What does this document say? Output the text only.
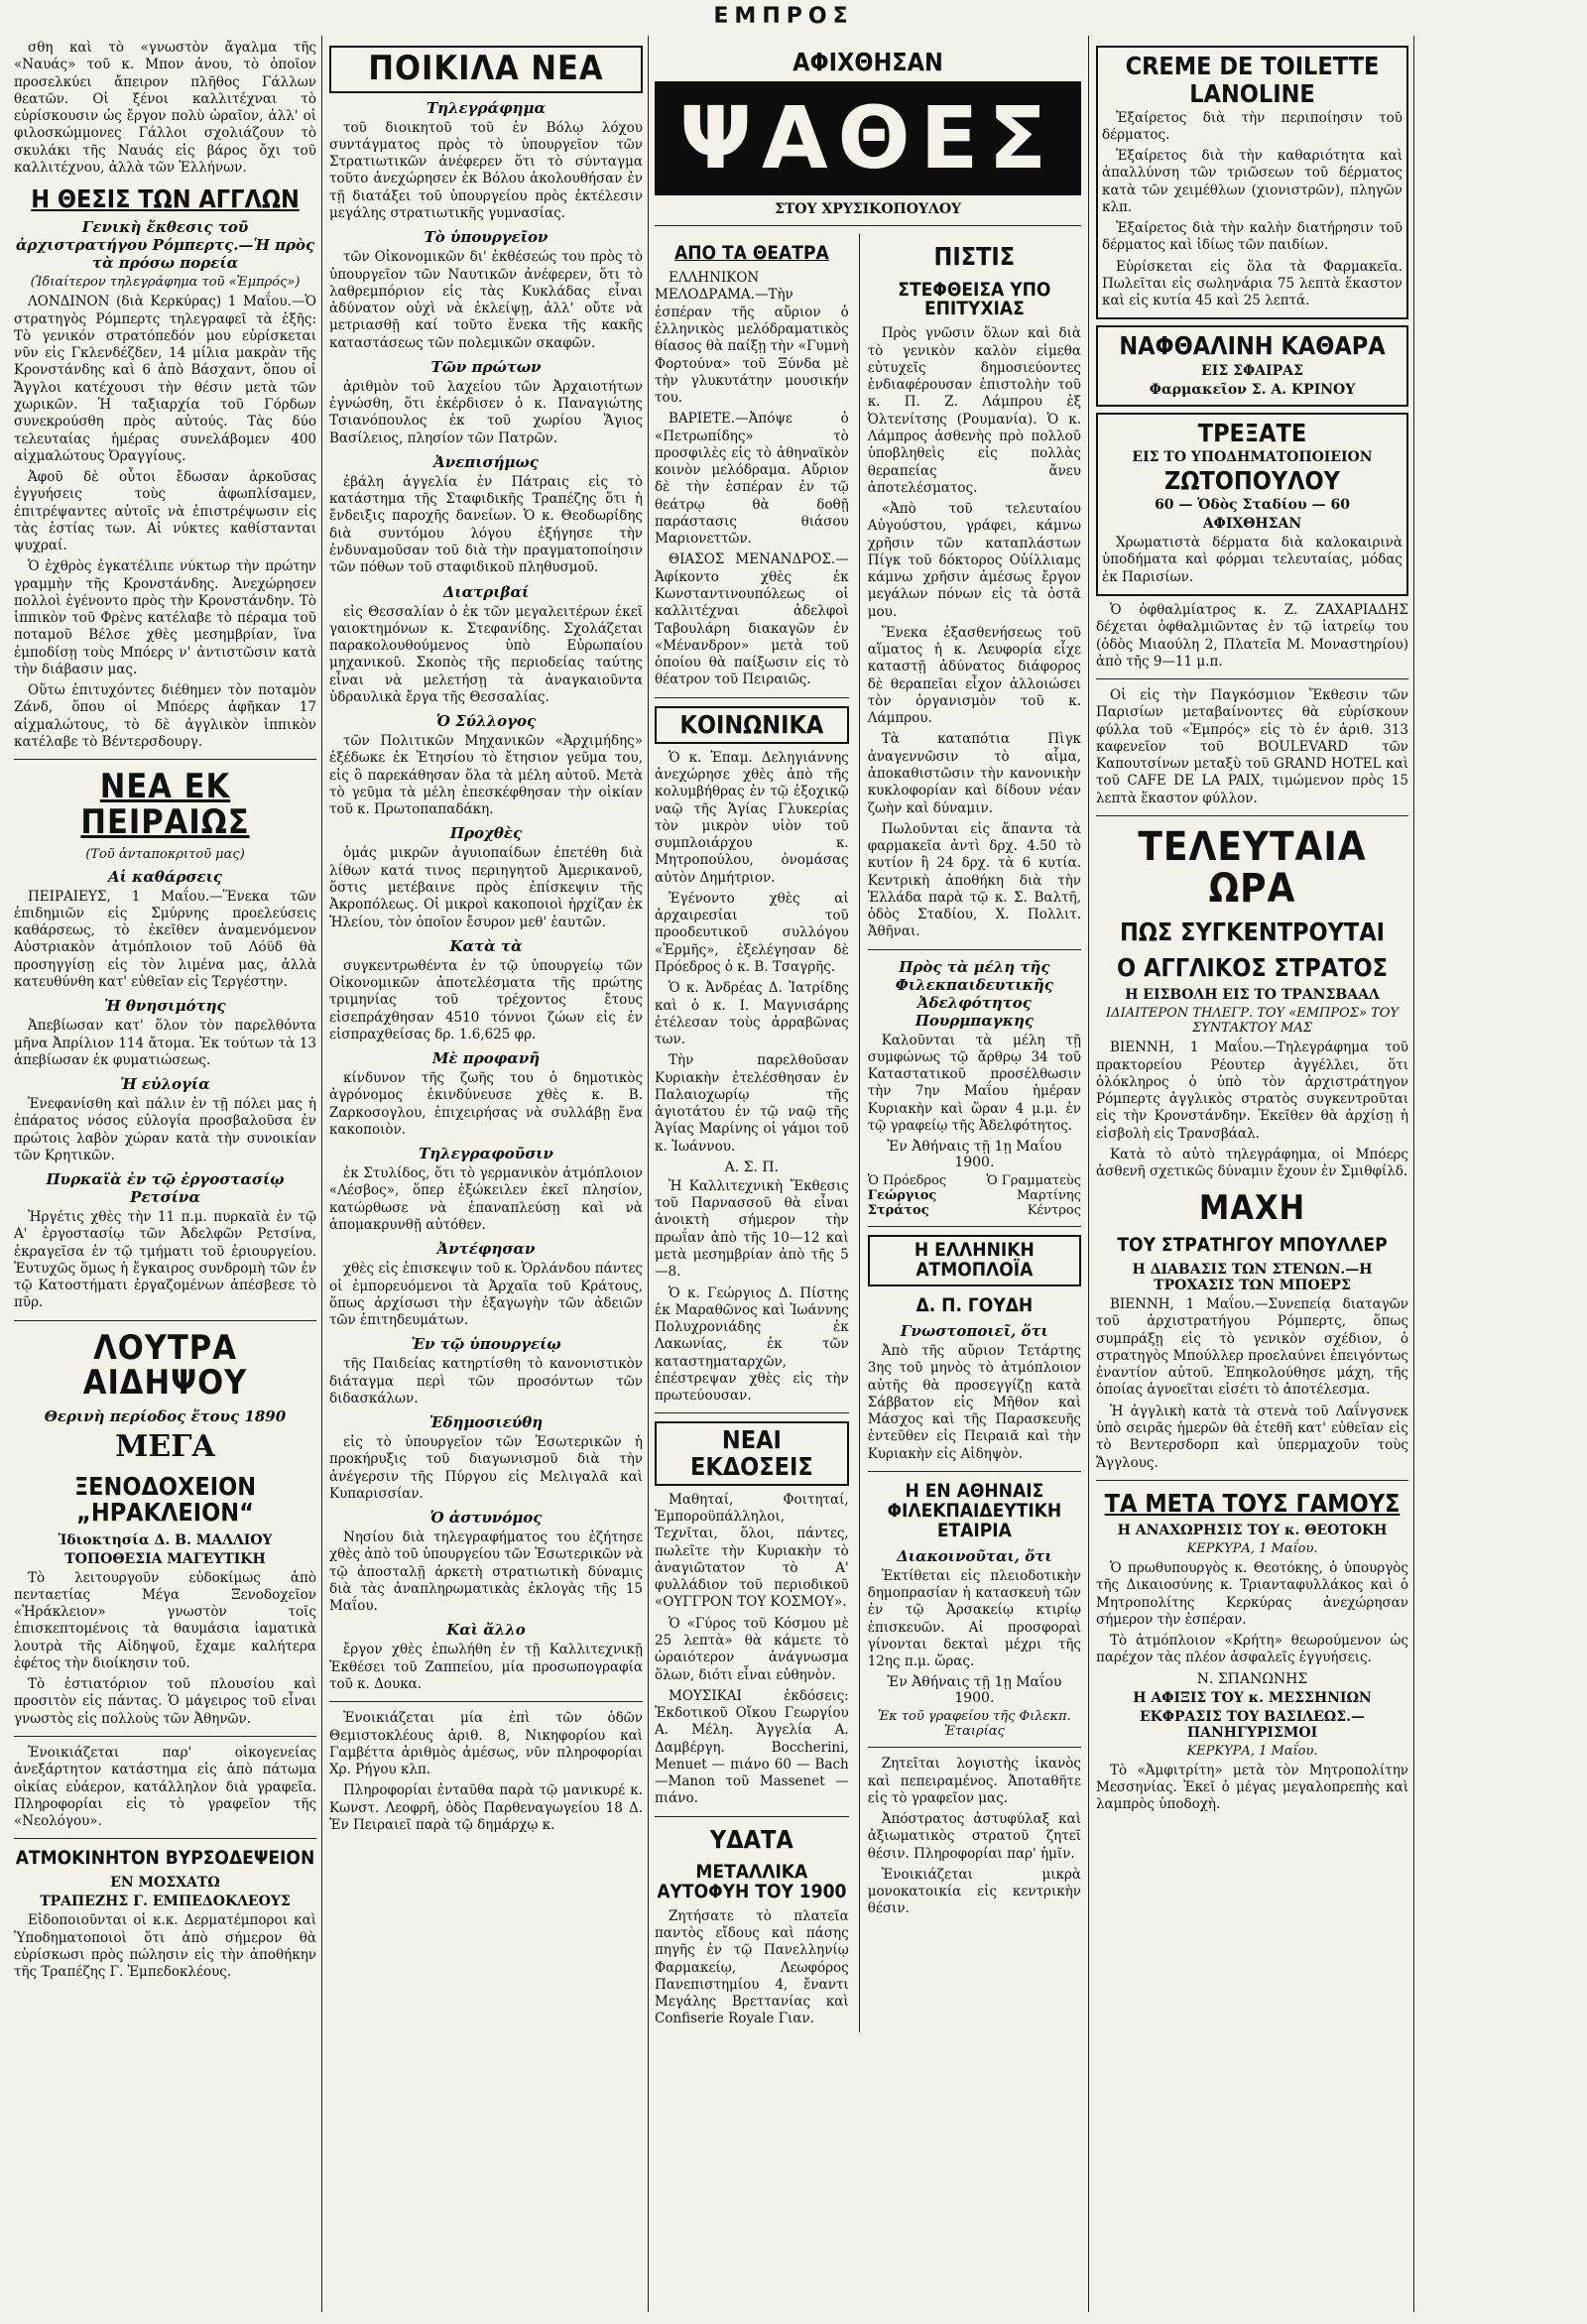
ΕΜΠΡΟΣ

σθη καὶ τὸ «γνωστὸν ἄγαλμα τῆς «Ναυάς» τοῦ κ. Μπον ἀνου, τὸ ὁποῖον προσελκύει ἄπειρον πλῆθος Γάλλων θεατῶν. Οἱ ξένοι καλλιτέχναι τὸ εὑρίσκουσιν ὡς ἔργον πολὺ ὡραῖον, ἀλλ' οἱ φιλοσκώμμονες Γάλλοι σχολιάζουν τὸ σκυλάκι τῆς Ναυάς εἰς βάρος ὄχι τοῦ καλλιτέχνου, ἀλλὰ τῶν Ἑλλήνων.

Η ΘΕΣΙΣ ΤΩΝ ΑΓΓΛΩΝ
Γενικὴ ἔκθεσις τοῦ ἀρχιστρατήγου Ρόμπερτς.—Ἡ πρὸς τὰ πρόσω πορεία
(Ἰδιαίτερον τηλεγράφημα τοῦ «Ἐμπρός»)

ΛΟΝΔΙΝΟΝ (διὰ Κερκύρας) 1 Μαΐου.—Ὁ στρατηγὸς Ρόμπερτς τηλεγραφεῖ τὰ ἑξῆς: Τὸ γενικόν στρατόπεδόν μου εὑρίσκεται νῦν εἰς Γκλενδέζδεν, 14 μίλια μακρὰν τῆς Κρονστάνδης καὶ 6 ἀπὸ Βάσχαντ, ὅπου οἱ Ἄγγλοι κατέχουσι τὴν θέσιν μετὰ τῶν χωρικῶν. Ἡ ταξιαρχία τοῦ Γόρδων συνεκρούσθη πρὸς αὐτούς. Τὰς δύο τελευταίας ἡμέρας συνελάβομεν 400 αἰχμαλώτους Ὀραγγίους.

Ἀφοῦ δὲ οὗτοι ἔδωσαν ἀρκοῦσας ἐγγυήσεις τοὺς ἀφωπλίσαμεν, ἐπιτρέψαντες αὐτοῖς νὰ ἐπιστρέψωσιν εἰς τὰς ἑστίας των. Αἱ νύκτες καθίστανται ψυχραί.

Ὁ ἐχθρὸς ἐγκατέλιπε νύκτωρ τὴν πρώτην γραμμὴν τῆς Κρονστάνδης. Ἀνεχώρησεν πολλοὶ ἐγένοντο πρὸς τὴν Κρονστάνδην. Τὸ ἱππικὸν τοῦ Φρὲνς κατέλαβε τὸ πέραμα τοῦ ποταμοῦ Βέλσε χθὲς μεσημβρίαν, ἵνα ἐμποδίσῃ τοὺς Μπόερς ν' ἀντιστῶσιν κατὰ τὴν διάβασιν μας.

Οὕτω ἐπιτυχόντες διέθημεν τὸν ποταμὸν Ζάνδ, ὅπου οἱ Μπόερς ἀφῆκαν 17 αἰχμαλώτους, τὸ δὲ ἀγγλικὸν ἱππικὸν κατέλαβε τὸ Βέντερσδουργ.

ΝΕΑ ΕΚ ΠΕΙΡΑΙΩΣ
(Τοῦ ἀνταποκριτοῦ μας)
Αἱ καθάρσεις

ΠΕΙΡΑΙΕΥΣ, 1 Μαΐου.—Ἕνεκα τῶν ἐπιδημιῶν εἰς Σμύρνης προελεύσεις καθάρσεως, τὸ ἐκεῖθεν ἀναμενόμενον Αὐστριακὸν ἀτμόπλοιον τοῦ Λόϋδ θὰ προσηγγίσῃ εἰς τὸν λιμένα μας, ἀλλὰ κατευθύνθη κατ' εὐθεῖαν εἰς Τεργέστην.

Ἡ θνησιμότης

Ἀπεβίωσαν κατ' ὅλον τὸν παρελθόντα μῆνα Ἀπρίλιον 114 ἄτομα. Ἐκ τούτων τὰ 13 ἀπεβίωσαν ἐκ φυματιώσεως.

Ἡ εὐλογία

Ἐνεφανίσθη καὶ πάλιν ἐν τῇ πόλει μας ἡ ἐπάρατος νόσος εὐλογία προσβαλοῦσα ἐν πρώτοις λαβὸν χώραν κατὰ τὴν συνοικίαν τῶν Κρητικῶν.

Πυρκαϊὰ ἐν τῷ ἐργοστασίῳ Ρετσίνα

Ἠργέτις χθὲς τὴν 11 π.μ. πυρκαϊὰ ἐν τῷ Α' ἐργοστασίῳ τῶν Ἀδελφῶν Ρετσίνα, ἐκραγεῖσα ἐν τῷ τμήματι τοῦ ἐριουργείου. Ἐυτυχῶς ὅμως ἡ ἔγκαιρος συνδρομὴ τῶν ἐν τῷ Κατοστήματι ἐργαζομένων ἀπέσβεσε τὸ πῦρ.

ΛΟΥΤΡΑ ΑΙΔΗΨΟΥ
Θερινὴ περίοδος ἔτους 1890
ΜΕΓΑ
ΞΕΝΟΔΟΧΕΙΟΝ „ΗΡΑΚΛΕΙΟΝ“
Ἰδιοκτησία Δ. Β. ΜΑΛΛΙΟΥ
ΤΟΠΟΘΕΣΙΑ ΜΑΓΕΥΤΙΚΗ

Τὸ λειτουργοῦν εὐδοκίμως ἀπὸ πενταετίας Μέγα Ξενοδοχεῖον «Ἡράκλειον» γνωστὸν τοῖς ἐπισκεπτομένοις τὰ θαυμάσια ἰαματικὰ λουτρὰ τῆς Αἰδηψοῦ, ἔχαμε καλήτερα ἐφέτος τὴν διοίκησιν τοῦ.

Τὸ ἑστιατόριον τοῦ πλουσίου καὶ προσιτὸν εἰς πάντας. Ὁ μάγειρος τοῦ εἶναι γνωστὸς εἰς πολλοὺς τῶν Ἀθηνῶν.

Ἐνοικιάζεται παρ' οἰκογενείας ἀνεξάρτητον κατάστημα εἰς ἀπὸ πάτωμα οἰκίας εὐάερον, κατάλληλον διὰ γραφεῖα. Πληροφορίαι εἰς τὸ γραφεῖον τῆς «Νεολόγου».

ΑΤΜΟΚΙΝΗΤΟΝ ΒΥΡΣΟΔΕΨΕΙΟΝ
ΕΝ ΜΟΣΧΑΤΩ
ΤΡΑΠΕΖΗΣ Γ. ΕΜΠΕΔΟΚΛΕΟΥΣ

Εἰδοποιοῦνται οἱ κ.κ. Δερματέμποροι καὶ Ὑποδηματοποιοὶ ὅτι ἀπὸ σήμερον θὰ εὑρίσκωσι πρὸς πώλησιν εἰς τὴν ἀποθήκην τῆς Τραπέζης Γ. Ἐμπεδοκλέους.

ΠΟΙΚΙΛΑ ΝΕΑ
Τηλεγράφημα

τοῦ διοικητοῦ τοῦ ἐν Βόλῳ λόχου συντάγματος πρὸς τὸ ὑπουργεῖον τῶν Στρατιωτικῶν ἀνέφερεν ὅτι τὸ σύνταγμα τοῦτο ἀνεχώρησεν ἐκ Βόλου ἀκολουθήσαν ἐν τῇ διατάξει τοῦ ὑπουργείου πρὸς ἐκτέλεσιν μεγάλης στρατιωτικῆς γυμνασίας.

Τὸ ὑπουργεῖον

τῶν Οἰκονομικῶν δι' ἐκθέσεώς του πρὸς τὸ ὑπουργεῖον τῶν Ναυτικῶν ἀνέφερεν, ὅτι τὸ λαθρεμπόριον εἰς τὰς Κυκλάδας εἶναι ἀδύνατον οὐχὶ νὰ ἐκλείψῃ, ἀλλ' οὔτε νὰ μετριασθῇ καί τοῦτο ἕνεκα τῆς κακῆς καταστάσεως τῶν πολεμικῶν σκαφῶν.

Τῶν πρώτων

ἀριθμὸν τοῦ λαχείου τῶν Ἀρχαιοτήτων ἐγνώσθη, ὅτι ἐκέρδισεν ὁ κ. Παναγιώτης Τσιανόπουλος ἐκ τοῦ χωρίου Ἅγιος Βασίλειος, πλησίον τῶν Πατρῶν.

Ἀνεπισήμως

ἐβάλη ἀγγελία ἐν Πάτραις εἰς τὸ κατάστημα τῆς Σταφιδικῆς Τραπέζης ὅτι ἡ ἔνδειξις παροχῆς δανείων. Ὁ κ. Θεοδωρίδης διὰ συντόμου λόγου ἐξήγησε τὴν ἐνδυναμοῦσαν τοῦ διὰ τὴν πραγματοποίησιν τῶν πόθων τοῦ σταφιδικοῦ πληθυσμοῦ.

Διατριβαί

εἰς Θεσσαλίαν ὁ ἐκ τῶν μεγαλειτέρων ἐκεῖ γαιοκτημόνων κ. Στεφανίδης. Σχολάζεται παρακολουθούμενος ὑπὸ Εὐρωπαίου μηχανικοῦ. Σκοπὸς τῆς περιοδείας ταύτης εἶναι νὰ μελετήσῃ τὰ ἀναγκαιοῦντα ὑδραυλικὰ ἔργα τῆς Θεσσαλίας.

Ὁ Σύλλογος

τῶν Πολιτικῶν Μηχανικῶν «Ἀρχιμήδης» ἐξέδωκε ἐκ Ἐτησίου τὸ ἔτησιον γεῦμα του, εἰς ὃ παρεκάθησαν ὅλα τὰ μέλη αὐτοῦ. Μετὰ τὸ γεῦμα τὰ μέλη ἐπεσκέφθησαν τὴν οἰκίαν τοῦ κ. Πρωτοπαπαδάκη.

Προχθὲς

ὁμάς μικρῶν ἀγυιοπαίδων ἐπετέθη διὰ λίθων κατά τινος περιηγητοῦ Ἀμερικανοῦ, ὅστις μετέβαινε πρὸς ἐπίσκεψιν τῆς Ἀκροπόλεως. Οἱ μικροὶ κακοποιοὶ ἠρχίζαν ἐκ Ἠλείου, τὸν ὁποῖον ἔσυρον μεθ' ἑαυτῶν.

Κατὰ τὰ

συγκεντρωθέντα ἐν τῷ ὑπουργείῳ τῶν Οἰκονομικῶν ἀποτελέσματα τῆς πρώτης τριμηνίας τοῦ τρέχοντος ἔτους εἰσεπράχθησαν 4510 τόννοι ζώων εἰς ἐν εἰσπραχθείσας δρ. 1.6,625 φρ.

Μὲ προφανῆ

κίνδυνον τῆς ζωῆς του ὁ δημοτικὸς ἀγρόνομος ἐκινδύνευσε χθὲς κ. Β. Ζαρκοσογλου, ἐπιχειρήσας νὰ συλλάβῃ ἕνα κακοποιὸν.

Τηλεγραφοῦσιν

ἐκ Στυλίδος, ὅτι τὸ γερμανικὸν ἀτμόπλοιον «Λέσβος», ὅπερ ἐξώκειλεν ἐκεῖ πλησίον, κατώρθωσε νὰ ἐπαναπλεύσῃ καὶ νὰ ἀπομακρυνθῇ αὐτόθεν.

Ἀντέφησαν

χθὲς εἰς ἐπισκεψιν τοῦ κ. Ὁρλάνδου πάντες οἱ ἐμπορευόμενοι τὰ Ἀρχαῖα τοῦ Κράτους, ὅπως ἀρχίσωσι τὴν ἐξαγωγὴν τῶν ἀδειῶν τῶν ἐπιτηδευμάτων.

Ἐν τῷ ὑπουργείῳ

τῆς Παιδείας κατηρτίσθη τὸ κανονιστικὸν διάταγμα περὶ τῶν προσόντων τῶν διδασκάλων.

Ἐδημοσιεύθη

εἰς τὸ ὑπουργεῖον τῶν Ἐσωτερικῶν ἡ προκήρυξις τοῦ διαγωνισμοῦ διὰ τὴν ἀνέγερσιν τῆς Πύργου εἰς Μελιγαλᾶ καὶ Κυπαρισσίαν.

Ὁ ἀστυνόμος

Νησίου διὰ τηλεγραφήματος του ἐζήτησε χθὲς ἀπὸ τοῦ ὑπουργείου τῶν Ἐσωτερικῶν νὰ τῷ ἀποσταλῇ ἀρκετὴ στρατιωτικὴ δύναμις διὰ τὰς ἀναπληρωματικὰς ἐκλογὰς τῆς 15 Μαΐου.

Καὶ ἄλλο

ἔργον χθὲς ἐπωλήθη ἐν τῇ Καλλιτεχνικῇ Ἐκθέσει τοῦ Ζαππείου, μία προσωπογραφία τοῦ κ. Δουκα.

Ἐνοικιάζεται μία ἐπὶ τῶν ὁδῶν Θεμιστοκλέους ἀριθ. 8, Νικηφορίου καὶ Γαμβέττα ἀριθμὸς ἀμέσως, νῦν πληροφορίαι Χρ. Ρήγου κλπ.

Πληροφορίαι ἐνταῦθα παρὰ τῷ μανικυρέ κ. Κωνστ. Λεοφρῆ, ὁδὸς Παρθεναγωγείου 18 Δ. Ἐν Πειραιεῖ παρὰ τῷ δημάρχῳ κ.

ΑΦΙΧΘΗΣΑΝ
ΨΑΘΕΣ
ΣΤΟΥ ΧΡΥΣΙΚΟΠΟΥΛΟΥ
ΑΠΟ ΤΑ ΘΕΑΤΡΑ

ΕΛΛΗΝΙΚΟΝ ΜΕΛΟΔΡΑΜΑ.—Τὴν ἐσπέραν τῆς αὔριον ὁ ἑλληνικὸς μελόδραματικὸς θίασος θὰ παίξῃ τὴν «Γυμνὴ Φορτούνα» τοῦ Ξύνδα μὲ τὴν γλυκυτάτην μουσικήν του.

ΒΑΡΙΕΤΕ.—Ἀπόψε ὁ «Πετρωπίδης» τὸ προσφιλὲς εἰς τὸ ἀθηναϊκὸν κοινὸν μελόδραμα. Αὔριον δὲ τὴν ἑσπέραν ἐν τῷ θεάτρῳ θὰ δοθῇ παράστασις θιάσου Μαριονεττῶν.

ΘΙΑΣΟΣ ΜΕΝΑΝΔΡΟΣ.—Ἀφίκοντο χθὲς ἐκ Κωνσταντινουπόλεως οἱ καλλιτέχναι ἀδελφοὶ Ταβουλάρη διακαγῶν ἐν «Μένανδρον» μετὰ τοῦ ὁποίου θὰ παίξωσιν εἰς τὸ θέατρον τοῦ Πειραιῶς.

ΚΟΙΝΩΝΙΚΑ

Ὁ κ. Ἐπαμ. Δεληγιάννης ἀνεχώρησε χθὲς ἀπὸ τῆς κολυμβήθρας ἐν τῷ ἐξοχικῷ ναῷ τῆς Ἁγίας Γλυκερίας τὸν μικρὸν υἱὸν τοῦ συμπλοιάρχου κ. Μητροπούλου, ὀνομάσας αὐτὸν Δημήτριον.

Ἐγένοντο χθὲς αἱ ἀρχαιρεσίαι τοῦ προοδευτικοῦ συλλόγου «Ἐρμῆς», ἐξελέγησαν δὲ Πρόεδρος ὁ κ. Β. Τσαγρῆς.

Ὁ κ. Ἀνδρέας Δ. Ἰατρίδης καὶ ὁ κ. Ι. Μαγνισάρης ἐτέλεσαν τοὺς ἀρραβῶνας των.

Τὴν παρελθοῦσαν Κυριακὴν ἐτελέσθησαν ἐν Παλαιοχωρίῳ τῆς ἁγιοτάτου ἐν τῷ ναῷ τῆς Ἁγίας Μαρίνης οἱ γάμοι τοῦ κ. Ἰωάννου.

Α. Σ. Π.

Ἡ Καλλιτεχνικὴ Ἔκθεσις τοῦ Παρνασσοῦ θὰ εἶναι ἀνοικτὴ σήμερον τὴν πρωΐαν ἀπὸ τῆς 10—12 καὶ μετὰ μεσημβρίαν ἀπὸ τῆς 5—8.

Ὁ κ. Γεώργιος Δ. Πίστης ἐκ Μαραθῶνος καὶ Ἰωάννης Πολυχρονιάδης ἐκ Λακωνίας, ἐκ τῶν καταστηματαρχῶν, ἐπέστρεψαν χθὲς εἰς τὴν πρωτεύουσαν.

ΝΕΑΙ ΕΚΔΟΣΕΙΣ

Μαθηταί, Φοιτηταί, Ἐμποροϋπάλληλοι, Τεχνῖται, ὅλοι, πάντες, πωλεῖτε τὴν Κυριακὴν τὸ ἀναγιῶτατον τὸ Α' φυλλάδιον τοῦ περιοδικοῦ «ΟΥΓΓΡΟΝ ΤΟΥ ΚΟΣΜΟΥ».

Ὁ «Γύρος τοῦ Κόσμου μὲ 25 λεπτὰ» θὰ κάμετε τὸ ὡραιότερον ἀνάγνωσμα ὅλων, διότι εἶναι εὐθηνὸν.

ΜΟΥΣΙΚΑΙ ἐκδόσεις: Ἐκδοτικοῦ Οἴκου Γεωργίου Α. Μέλη. Ἀγγελία Α. Δαμβέργη. Boccherini, Menuet — πιάνο 60 — Bach—Manon τοῦ Massenet — πιάνο.

ΥΔΑΤΑ
ΜΕΤΑΛΛΙΚΑ ΑΥΤΟΦΥΗ ΤΟΥ 1900

Ζητήσατε τὸ πλατεῖα παντὸς εἴδους καὶ πάσης πηγῆς ἐν τῷ Πανελληνίῳ Φαρμακείῳ, Λεωφόρος Πανεπιστημίου 4, ἔναντι Μεγάλης Βρεττανίας καὶ Confiserie Royale Γιαν.

ΠΙΣΤΙΣ
ΣΤΕΦΘΕΙΣΑ ΥΠΟ ΕΠΙΤΥΧΙΑΣ

Πρὸς γνῶσιν ὅλων καὶ διὰ τὸ γενικὸν καλὸν εἰμεθα εὐτυχεῖς δημοσιεύοντες ἐνδιαφέρουσαν ἐπιστολὴν τοῦ κ. Π. Ζ. Λάμπρου ἐξ Ὀλτενίτσης (Ρουμανία). Ὁ κ. Λάμπρος ἀσθενὴς πρὸ πολλοῦ ὑποβληθεὶς εἰς πολλὰς θεραπείας ἄνευ ἀποτελέσματος.

«Ἀπὸ τοῦ τελευταίου Αὐγούστου, γράφει, κάμνω χρῆσιν τῶν καταπλάστων Πίγκ τοῦ δόκτορος Οὐίλλιαμς κάμνω χρῆσιν ἀμέσως ἔργον μεγάλων πόνων εἰς τὰ ὀστᾶ μου.

Ἕνεκα ἐξασθενήσεως τοῦ αἵματος ἡ κ. Λευφορία εἶχε καταστῇ ἀδύνατος διάφορος δὲ θεραπεῖαι εἶχον ἀλλοιώσει τὸν ὀργανισμὸν τοῦ κ. Λάμπρου.

Τὰ καταπότια Πὶγκ ἀναγεννῶσιν τὸ αἷμα, ἀποκαθιστῶσιν τὴν κανονικὴν κυκλοφορίαν καὶ δίδουν νέαν ζωὴν καὶ δύναμιν.

Πωλοῦνται εἰς ἅπαντα τὰ φαρμακεῖα ἀντὶ δρχ. 4.50 τὸ κυτίον ἢ 24 δρχ. τὰ 6 κυτία. Κεντρικὴ ἀποθήκη διὰ τὴν Ἑλλάδα παρὰ τῷ κ. Σ. Βαλτῆ, ὁδὸς Σταδίου, Χ. Πολλιτ. Ἀθῆναι.

Πρὸς τὰ μέλη τῆς Φιλεκπαιδευτικῆς Ἀδελφότητος Πουρμπαγκης

Καλοῦνται τὰ μέλη τῇ συμφώνως τῷ ἄρθρῳ 34 τοῦ Καταστατικοῦ προσέλθωσιν τὴν 7ην Μαΐου ἡμέραν Κυριακὴν καὶ ὥραν 4 μ.μ. ἐν τῷ γραφείῳ τῆς Ἀδελφότητος.

Ἐν Ἀθήναις τῇ 1ῃ Μαΐου 1900.
Ὁ Πρόεδρος
Γεώργιος Στράτος
Ὁ Γραμματεὺς
Μαρτίνης Κέντρος
Η ΕΛΛΗΝΙΚΗ ΑΤΜΟΠΛΟΪΑ
Δ. Π. ΓΟΥΔΗ
Γνωστοποιεῖ, ὅτι

Ἀπὸ τῆς αὔριον Τετάρτης 3ης τοῦ μηνὸς τὸ ἀτμόπλοιον αὐτῆς θὰ προσεγγίζῃ κατὰ Σάββατον εἰς Μῆθον καὶ Μάσχος καὶ τῆς Παρασκευῆς ἐντεῦθεν εἰς Πειραιᾶ καὶ τὴν Κυριακὴν εἰς Αἰδηψὸν.

Η ΕΝ ΑΘΗΝΑΙΣ ΦΙΛΕΚΠΑΙΔΕΥΤΙΚΗ ΕΤΑΙΡΙΑ
Διακοινοῦται, ὅτι

Ἐκτίθεται εἰς πλειοδοτικὴν δημοπρασίαν ἡ κατασκευὴ τῶν ἐν τῷ Ἀρσακείῳ κτιρίῳ ἐπισκευῶν. Αἱ προσφοραὶ γίνονται δεκταὶ μέχρι τῆς 12ης π.μ. ὥρας.

Ἐν Ἀθήναις τῇ 1ῃ Μαΐου 1900.
Ἐκ τοῦ γραφείου τῆς Φιλεκπ. Ἑταιρίας

Ζητεῖται λογιστὴς ἱκανὸς καὶ πεπειραμένος. Ἀποταθῆτε εἰς τὸ γραφεῖον μας.

Ἀπόστρατος ἀστυφύλαξ καὶ ἀξιωματικὸς στρατοῦ ζητεῖ θέσιν. Πληροφορίαι παρ' ἡμῖν.

Ἐνοικιάζεται μικρὰ μονοκατοικία εἰς κεντρικὴν θέσιν.

CREME DE TOILETTE
LANOLINE

Ἐξαίρετος διὰ τὴν περιποίησιν τοῦ δέρματος.

Ἐξαίρετος διὰ τὴν καθαριότητα καὶ ἀπαλλύνση τῶν τριῶσεων τοῦ δέρματος κατὰ τῶν χειμέθλων (χιονιστρῶν), πληγῶν κλπ.

Ἐξαίρετος διὰ τὴν καλὴν διατήρησιν τοῦ δέρματος καὶ ἰδίως τῶν παιδίων.

Εὑρίσκεται εἰς ὅλα τὰ Φαρμακεῖα. Πωλεῖται εἰς σωληνάρια 75 λεπτὰ ἕκαστον καὶ εἰς κυτία 45 καὶ 25 λεπτά.

ΝΑΦΘΑΛΙΝΗ ΚΑΘΑΡΑ
ΕΙΣ ΣΦΑΙΡΑΣ
Φαρμακεῖον Σ. Α. ΚΡΙΝΟΥ
ΤΡΕΞΑΤΕ
ΕΙΣ ΤΟ ΥΠΟΔΗΜΑΤΟΠΟΙΕΙΟΝ
ΖΩΤΟΠΟΥΛΟΥ
60 — Ὁδὸς Σταδίου — 60
ΑΦΙΧΘΗΣΑΝ

Χρωματιστὰ δέρματα διὰ καλοκαιρινὰ ὑποδήματα καὶ φόρμαι τελευταίας, μόδας ἐκ Παρισίων.

Ὁ ὀφθαλμίατρος κ. Ζ. ΖΑΧΑΡΙΑΔΗΣ δέχεται ὀφθαλμιῶντας ἐν τῷ ἰατρείῳ του (ὁδὸς Μιαούλη 2, Πλατεῖα Μ. Μοναστηρίου) ἀπὸ τῆς 9—11 μ.π.

Οἱ εἰς τὴν Παγκόσμιον Ἔκθεσιν τῶν Παρισίων μεταβαίνοντες θὰ εὑρίσκουν φύλλα τοῦ «Ἐμπρός» εἰς τὸ ἐν ἀριθ. 313 καφενεῖον τοῦ BOULEVARD τῶν Καπουτσίνων μεταξὺ τοῦ GRAND HOTEL καὶ τοῦ CAFE DE LA PAIX, τιμώμενον πρὸς 15 λεπτὰ ἕκαστον φύλλον.

ΤΕΛΕΥΤΑΙΑ ΩΡΑ
ΠΩΣ ΣΥΓΚΕΝΤΡΟΥΤΑΙ
Ο ΑΓΓΛΙΚΟΣ ΣΤΡΑΤΟΣ
Η ΕΙΣΒΟΛΗ ΕΙΣ ΤΟ ΤΡΑΝΣΒΑΑΛ
ΙΔΙΑΙΤΕΡΟΝ ΤΗΛΕΓΡ. ΤΟΥ «ΕΜΠΡΟΣ» ΤΟΥ ΣΥΝΤΑΚΤΟΥ ΜΑΣ

ΒΙΕΝΝΗ, 1 Μαΐου.—Τηλεγράφημα τοῦ πρακτορείου Ρέουτερ ἀγγέλλει, ὅτι ὁλόκληρος ὁ ὑπὸ τὸν ἀρχιστράτηγον Ρόμπερτς ἀγγλικὸς στρατὸς συγκεντροῦται εἰς τὴν Κρονστάνδην. Ἐκεῖθεν θὰ ἀρχίσῃ ἡ εἰσβολὴ εἰς Τρανσβάαλ.

Κατὰ τὸ αὐτὸ τηλεγράφημα, οἱ Μπόερς ἀσθενῆ σχετικῶς δύναμιν ἔχουν ἐν Σμιθφίλδ.

ΜΑΧΗ
ΤΟΥ ΣΤΡΑΤΗΓΟΥ ΜΠΟΥΛΛΕΡ
Η ΔΙΑΒΑΣΙΣ ΤΩΝ ΣΤΕΝΩΝ.—Η ΤΡΟΧΑΣΙΣ ΤΩΝ ΜΠΟΕΡΣ

ΒΙΕΝΝΗ, 1 Μαΐου.—Συνεπείᾳ διαταγῶν τοῦ ἀρχιστρατήγου Ρόμπερτς, ὅπως συμπράξῃ εἰς τὸ γενικὸν σχέδιον, ὁ στρατηγὸς Μπούλλερ προελαύνει ἐπειγόντως ἐναντίον αὐτοῦ. Ἐπηκολούθησε μάχη, τῆς ὁποίας ἀγνοεῖται εἰσέτι τὸ ἀποτέλεσμα.

Ἡ ἀγγλικὴ κατὰ τὰ στενὰ τοῦ Λαΐνγσνεκ ὑπὸ σειρᾶς ἡμερῶν θὰ ἐτεθῆ κατ' εὐθεῖαν εἰς τὸ Βεντερσδορπ καὶ ὑπερμαχοῦν τοὺς Ἄγγλους.

ΤΑ ΜΕΤΑ ΤΟΥΣ ΓΑΜΟΥΣ
Η ΑΝΑΧΩΡΗΣΙΣ ΤΟΥ κ. ΘΕΟΤΟΚΗ
ΚΕΡΚΥΡΑ, 1 Μαΐου.

Ὁ πρωθυπουργὸς κ. Θεοτόκης, ὁ ὑπουργὸς τῆς Δικαιοσύνης κ. Τριανταφυλλάκος καὶ ὁ Μητροπολίτης Κερκύρας ἀνεχώρησαν σήμερον τὴν ἑσπέραν.

Τὸ ἀτμόπλοιον «Κρήτη» θεωρούμενον ὡς παρέχον τὰς πλέον ἀσφαλεῖς ἐγγυήσεις.

Ν. ΣΠΑΝΩΝΗΣ
Η ΑΦΙΞΙΣ ΤΟΥ κ. ΜΕΣΣΗΝΙΩΝ
ΕΚΦΡΑΣΙΣ ΤΟΥ ΒΑΣΙΛΕΩΣ.—ΠΑΝΗΓΥΡΙΣΜΟΙ
ΚΕΡΚΥΡΑ, 1 Μαΐου.

Τὸ «Ἀμφιτρίτη» μετὰ τὸν Μητροπολίτην Μεσσηνίας. Ἐκεῖ ὁ μέγας μεγαλοπρεπὴς καὶ λαμπρὸς ὑποδοχὴ.
